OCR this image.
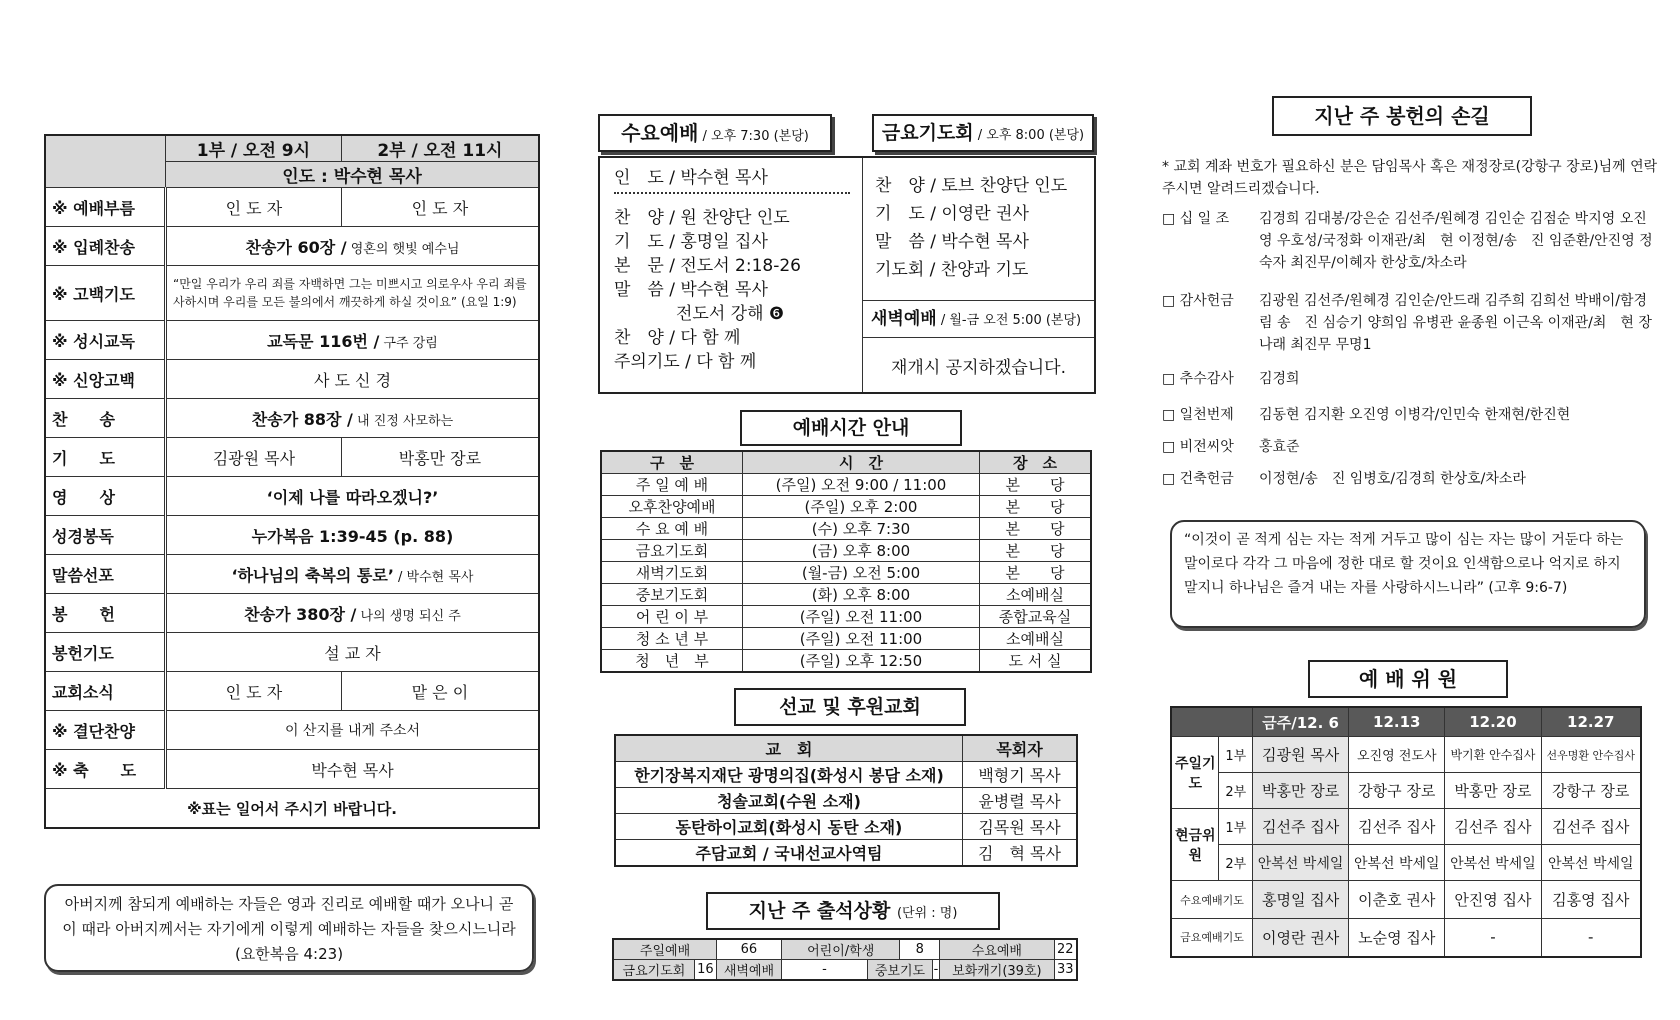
	1부 / 오전 9시	2부 / 오전 11시
	인도 : 박수현 목사	
※ 예배부름	인 도 자	인 도 자
※ 입례찬송	찬송가 60장 / 영혼의 햇빛 예수님	
※ 고백기도	“만일 우리가 우리 죄를 자백하면 그는 미쁘시고 의로우사 우리 죄를 사하시며 우리를 모든 불의에서 깨끗하게 하실 것이요” (요일 1:9)	
※ 성시교독	교독문 116번 / 구주 강림	
※ 신앙고백	사 도 신 경	
찬　　송	찬송가 88장 / 내 진정 사모하는	
기　　도	김광원 목사	박홍만 장로
영　　상	‘이제 나를 따라오겠니?’	
성경봉독	누가복음 1:39-45 (p. 88)	
말씀선포	‘하나님의 축복의 통로’ / 박수현 목사	
봉　　헌	찬송가 380장 / 나의 생명 되신 주	
봉헌기도	설 교 자	
교회소식	인 도 자	맡 은 이
※ 결단찬양	이 산지를 내게 주소서	
※ 축　　도	박수현 목사	
※표는 일어서 주시기 바랍니다.		
아버지께 참되게 예배하는 자들은 영과 진리로 예배할 때가 오나니 곧 이 때라 아버지께서는 자기에게 이렇게 예배하는 자들을 찾으시느니라 (요한복음 4:23)
수요예배 / 오후 7:30 (본당)	금요기도회 / 오후 8:00 (본당)
인　도 / 박수현 목사
찬　양 / 원 찬양단 인도
기　도 / 홍명일 집사
본　문 / 전도서 2:18-26
말　씀 / 박수현 목사
전도서 강해 ❻
찬　양 / 다 함 께
주의기도 / 다 함 께
찬　양 / 토브 찬양단 인도
기　도 / 이영란 권사
말　씀 / 박수현 목사
기도회 / 찬양과 기도
새벽예배 / 월-금 오전 5:00 (본당)
재개시 공지하겠습니다.
예배시간 안내
구　분	시　간	장　소
주 일 예 배	(주일) 오전 9:00 / 11:00	본　　당
오후찬양예배	(주일) 오후 2:00	본　　당
수 요 예 배	(수) 오후 7:30	본　　당
금요기도회	(금) 오후 8:00	본　　당
새벽기도회	(월-금) 오전 5:00	본　　당
중보기도회	(화) 오후 8:00	소예배실
어 린 이 부	(주일) 오전 11:00	종합교육실
청 소 년 부	(주일) 오전 11:00	소예배실
청　년　부	(주일) 오후 12:50	도 서 실
선교 및 후원교회
교　회	목회자
한기장복지재단 광명의집(화성시 봉담 소재)	백형기 목사
청솔교회(수원 소재)	윤병렬 목사
동탄하이교회(화성시 동탄 소재)	김목원 목사
주담교회 / 국내선교사역팀	김　혁 목사
지난 주 출석상황 (단위 : 명)
주일예배		66	어린이/학생		8		수요예배	22
금요기도회	16	새벽예배	-	중보기도		-	보화캐기(39호)	33
지난 주 봉헌의 손길
* 교회 계좌 번호가 필요하신 분은 담임목사 혹은 재정장로(강항구 장로)님께 연락주시면 알려드리겠습니다.
□ 십 일 조	김경희 김대봉/강은순 김선주/원혜경 김인순 김점순 박지영 오진영 우호성/국정화 이재관/최　현 이정현/송　진 임준환/안진영 정숙자 최진무/이혜자 한상호/차소라
□ 감사헌금	김광원 김선주/원혜경 김인순/안드래 김주희 김희선 박배이/함경림 송　진 심승기 양희임 유병관 윤종원 이근옥 이재관/최　현 장나래 최진무 무명1
□ 추수감사	김경희
□ 일천번제	김동현 김지환 오진영 이병각/인민숙 한재현/한진현
□ 비전씨앗	홍효준
□ 건축헌금	이정현/송　진 임병호/김경희 한상호/차소라
“이것이 곧 적게 심는 자는 적게 거두고 많이 심는 자는 많이 거둔다 하는 말이로다 각각 그 마음에 정한 대로 할 것이요 인색함으로나 억지로 하지 말지니 하나님은 즐겨 내는 자를 사랑하시느니라” (고후 9:6-7)
예 배 위 원
		금주/12. 6	12.13	12.20	12.27
주일기도	1부	김광원 목사	오진영 전도사	박기환 안수집사	선우명환 안수집사
	2부	박홍만 장로	강항구 장로	박홍만 장로	강항구 장로
현금위원	1부	김선주 집사	김선주 집사	김선주 집사	김선주 집사
	2부	안복선 박세일	안복선 박세일	안복선 박세일	안복선 박세일
수요예배기도		홍명일 집사	이춘호 권사	안진영 집사	김홍영 집사
금요예배기도		이영란 권사	노순영 집사	-	-
